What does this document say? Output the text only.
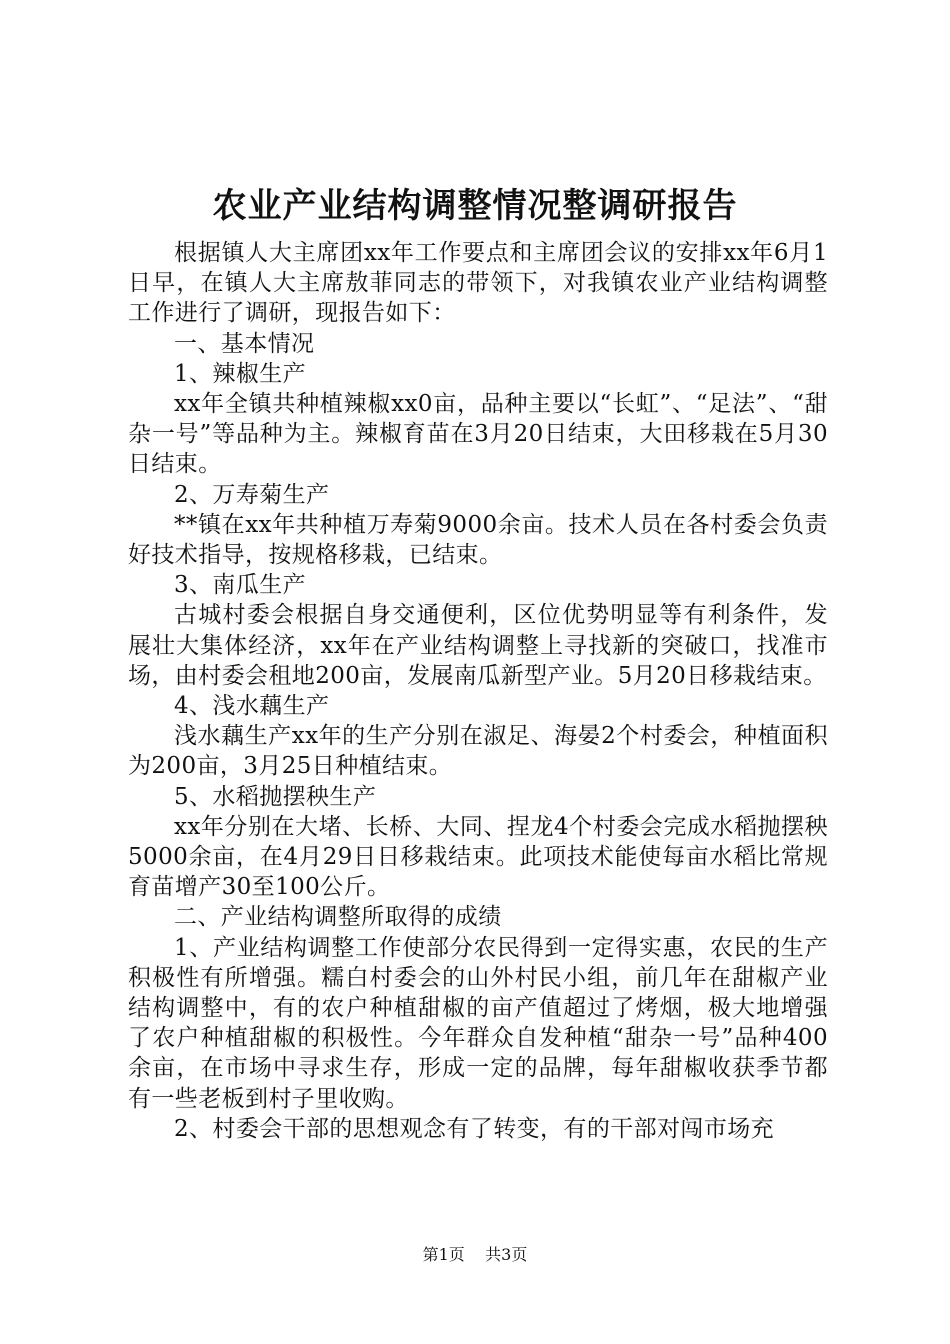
农业产业结构调整情况整调研报告

根据镇人大主席团xx年工作要点和主席团会议的安排xx年6月1日早，在镇人大主席敖菲同志的带领下，对我镇农业产业结构调整工作进行了调研，现报告如下：

一、基本情况

1、辣椒生产

xx年全镇共种植辣椒xx0亩，品种主要以“长虹”、“足法”、“甜杂一号”等品种为主。辣椒育苗在3月20日结束，大田移栽在5月30日结束。

2、万寿菊生产

**镇在xx年共种植万寿菊9000余亩。技术人员在各村委会负责好技术指导，按规格移栽，已结束。

3、南瓜生产

古城村委会根据自身交通便利，区位优势明显等有利条件，发展壮大集体经济，xx年在产业结构调整上寻找新的突破口，找准市场，由村委会租地200亩，发展南瓜新型产业。5月20日移栽结束。

4、浅水藕生产

浅水藕生产xx年的生产分别在淑足、海晏2个村委会，种植面积为200亩，3月25日种植结束。

5、水稻抛摆秧生产

xx年分别在大堵、长桥、大同、捏龙4个村委会完成水稻抛摆秧5000余亩，在4月29日日移栽结束。此项技术能使每亩水稻比常规育苗增产30至100公斤。

二、产业结构调整所取得的成绩

1、产业结构调整工作使部分农民得到一定得实惠，农民的生产积极性有所增强。糯白村委会的山外村民小组，前几年在甜椒产业结构调整中，有的农户种植甜椒的亩产值超过了烤烟，极大地增强了农户种植甜椒的积极性。今年群众自发种植“甜杂一号”品种400余亩，在市场中寻求生存，形成一定的品牌，每年甜椒收获季节都有一些老板到村子里收购。

2、村委会干部的思想观念有了转变，有的干部对闯市场充

第1页 共3页
